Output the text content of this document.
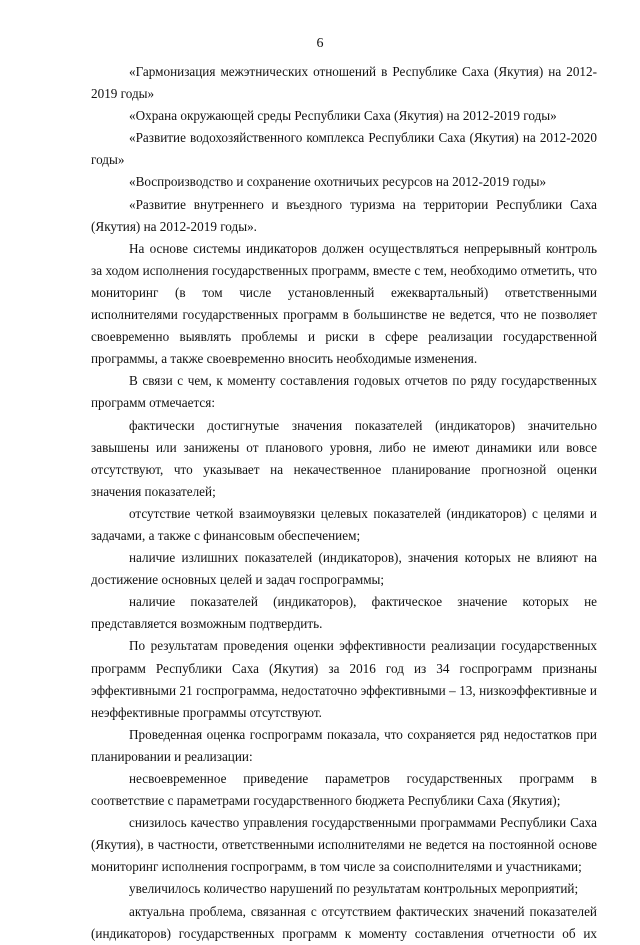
6

«Гармонизация межэтнических отношений в Республике Саха (Якутия) на 2012-2019 годы»

«Охрана окружающей среды Республики Саха (Якутия) на 2012-2019 годы»

«Развитие водохозяйственного комплекса Республики Саха (Якутия) на 2012-2020 годы»

«Воспроизводство и сохранение охотничьих ресурсов на 2012-2019 годы»

«Развитие внутреннего и въездного туризма на территории Республики Саха (Якутия) на 2012-2019 годы».

На основе системы индикаторов должен осуществляться непрерывный контроль за ходом исполнения государственных программ, вместе с тем, необходимо отметить, что мониторинг (в том числе установленный ежеквартальный) ответственными исполнителями государственных программ в большинстве не ведется, что не позволяет своевременно выявлять проблемы и риски в сфере реализации государственной программы, а также своевременно вносить необходимые изменения.

В связи с чем, к моменту составления годовых отчетов по ряду государственных программ отмечается:

фактически достигнутые значения показателей (индикаторов) значительно завышены или занижены от планового уровня, либо не имеют динамики или вовсе отсутствуют, что указывает на некачественное планирование прогнозной оценки значения показателей;

отсутствие четкой взаимоувязки целевых показателей (индикаторов) с целями и задачами, а также с финансовым обеспечением;

наличие излишних показателей (индикаторов), значения которых не влияют на достижение основных целей и задач госпрограммы;

наличие показателей (индикаторов), фактическое значение которых не представляется возможным подтвердить.

По результатам проведения оценки эффективности реализации государственных программ Республики Саха (Якутия) за 2016 год из 34 госпрограмм признаны эффективными 21 госпрограмма, недостаточно эффективными – 13, низкоэффективные и неэффективные программы отсутствуют.

Проведенная оценка госпрограмм показала, что сохраняется ряд недостатков при планировании и реализации:

несвоевременное приведение параметров государственных программ в соответствие с параметрами государственного бюджета Республики Саха (Якутия);

снизилось качество управления государственными программами Республики Саха (Якутия), в частности, ответственными исполнителями не ведется на постоянной основе мониторинг исполнения госпрограмм, в том числе за соисполнителями и участниками;

увеличилось количество нарушений по результатам контрольных мероприятий;

актуальна проблема, связанная с отсутствием фактических значений показателей (индикаторов) государственных программ к моменту составления отчетности об их
